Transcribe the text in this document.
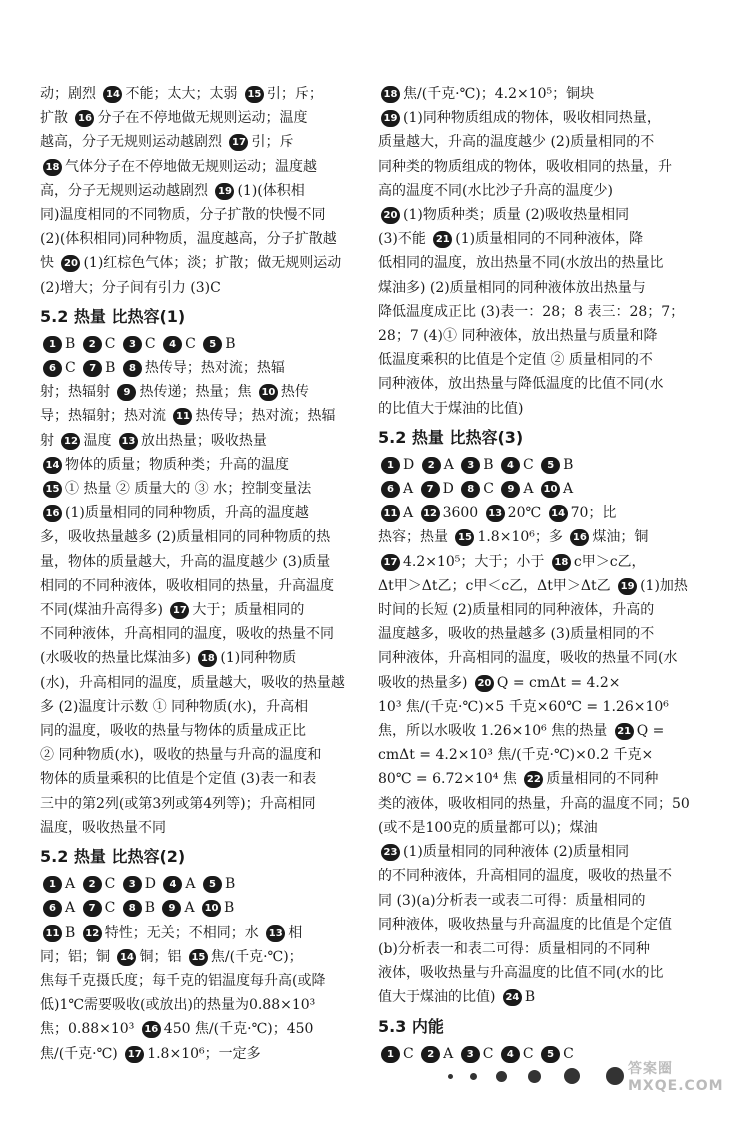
动；剧烈 14 不能；太大；太弱 15 引；斥；
扩散 16 分子在不停地做无规则运动；温度
越高，分子无规则运动越剧烈 17 引；斥
18 气体分子在不停地做无规则运动；温度越
高，分子无规则运动越剧烈 19 (1)(体积相
同)温度相同的不同物质，分子扩散的快慢不同
(2)(体积相同)同种物质，温度越高，分子扩散越
快 20 (1)红棕色气体；淡；扩散；做无规则运动
(2)增大；分子间有引力 (3)C
5.2 热量 比热容(1)
1 B 2 C 3 C 4 C 5 B
6 C 7 B 8 热传导；热对流；热辐
射；热辐射 9 热传递；热量；焦 10 热传
导；热辐射；热对流 11 热传导；热对流；热辐
射 12 温度 13 放出热量；吸收热量
14 物体的质量；物质种类；升高的温度
15 ① 热量 ② 质量大的 ③ 水；控制变量法
16 (1)质量相同的同种物质，升高的温度越
多，吸收热量越多 (2)质量相同的同种物质的热
量，物体的质量越大，升高的温度越少 (3)质量
相同的不同种液体，吸收相同的热量，升高温度
不同(煤油升高得多) 17 大于；质量相同的
不同种液体，升高相同的温度，吸收的热量不同
(水吸收的热量比煤油多) 18 (1)同种物质
(水)，升高相同的温度，质量越大，吸收的热量越
多 (2)温度计示数 ① 同种物质(水)，升高相
同的温度，吸收的热量与物体的质量成正比
② 同种物质(水)，吸收的热量与升高的温度和
物体的质量乘积的比值是个定值 (3)表一和表
三中的第2列(或第3列或第4列等)；升高相同
温度，吸收热量不同
5.2 热量 比热容(2)
1 A 2 C 3 D 4 A 5 B
6 A 7 C 8 B 9 A 10 B
11 B 12 特性；无关；不相同；水 13 相
同；铝；铜 14 铜；铝 15 焦/(千克·℃)；
焦每千克摄氏度；每千克的铝温度每升高(或降
低)1℃需要吸收(或放出)的热量为0.88×10³
焦；0.88×10³ 16 450 焦/(千克·℃)；450
焦/(千克·℃) 17 1.8×10⁶；一定多
18 焦/(千克·℃)；4.2×10⁵；铜块
19 (1)同种物质组成的物体，吸收相同热量，
质量越大，升高的温度越少 (2)质量相同的不
同种类的物质组成的物体，吸收相同的热量，升
高的温度不同(水比沙子升高的温度少)
20 (1)物质种类；质量 (2)吸收热量相同
(3)不能 21 (1)质量相同的不同种液体，降
低相同的温度，放出热量不同(水放出的热量比
煤油多) (2)质量相同的同种液体放出热量与
降低温度成正比 (3)表一：28；8 表三：28；7；
28；7 (4)① 同种液体，放出热量与质量和降
低温度乘积的比值是个定值 ② 质量相同的不
同种液体，放出热量与降低温度的比值不同(水
的比值大于煤油的比值)
5.2 热量 比热容(3)
1 D 2 A 3 B 4 C 5 B
6 A 7 D 8 C 9 A 10 A
11 A 12 3600 13 20℃ 14 70；比
热容；热量 15 1.8×10⁶；多 16 煤油；铜
17 4.2×10⁵；大于；小于 18 c甲＞c乙，
Δt甲＞Δt乙；c甲＜c乙，Δt甲＞Δt乙 19 (1)加热
时间的长短 (2)质量相同的同种液体，升高的
温度越多，吸收的热量越多 (3)质量相同的不
同种液体，升高相同的温度，吸收的热量不同(水
吸收的热量多) 20 Q = cmΔt = 4.2×
10³ 焦/(千克·℃)×5 千克×60℃ = 1.26×10⁶
焦，所以水吸收 1.26×10⁶ 焦的热量 21 Q =
cmΔt = 4.2×10³ 焦/(千克·℃)×0.2 千克×
80℃ = 6.72×10⁴ 焦 22 质量相同的不同种
类的液体，吸收相同的热量，升高的温度不同；50
(或不是100克的质量都可以)；煤油
23 (1)质量相同的同种液体 (2)质量相同
的不同种液体，升高相同的温度，吸收的热量不
同 (3)(a)分析表一或表二可得：质量相同的
同种液体，吸收热量与升高温度的比值是个定值
(b)分析表一和表二可得：质量相同的不同种
液体，吸收热量与升高温度的比值不同(水的比
值大于煤油的比值) 24 B
5.3 内能
1 C 2 A 3 C 4 C 5 C
答案圈 MXQE.COM
